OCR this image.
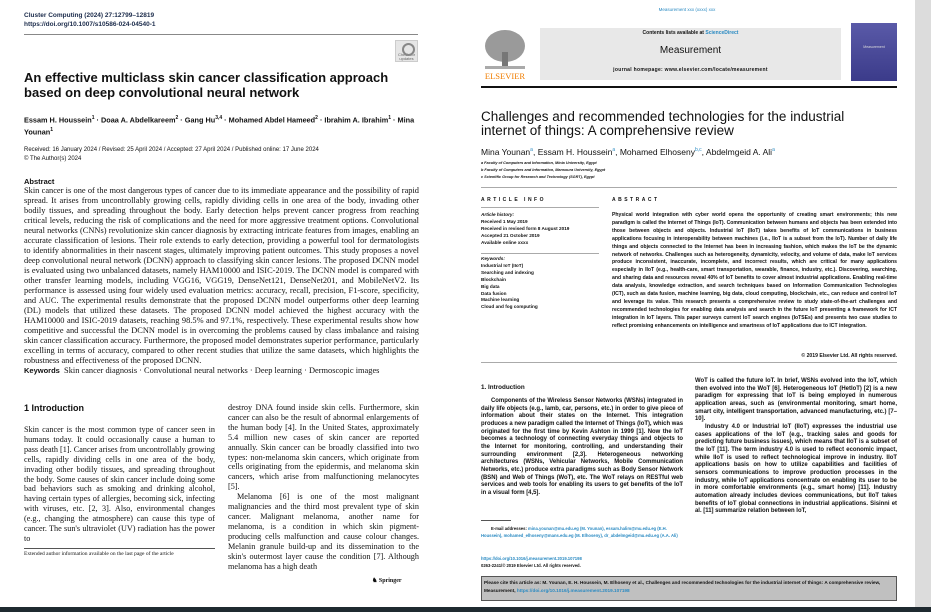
Cluster Computing (2024) 27:12799–12819
https://doi.org/10.1007/s10586-024-04540-1
Check for updates
An effective multiclass skin cancer classification approach based on deep convolutional neural network
Essam H. Houssein$^1$ · Doaa A. Abdelkareem$^2$ · Gang Hu$^{3,4}$ · Mohamed Abdel Hameed$^2$ · Ibrahim A. Ibrahim$^1$ · Mina Younan$^1$
Received: 16 January 2024 / Revised: 25 April 2024 / Accepted: 27 April 2024 / Published online: 17 June 2024
© The Author(s) 2024
Abstract
Skin cancer is one of the most dangerous types of cancer due to its immediate appearance and the possibility of rapid spread. It arises from uncontrollably growing cells, rapidly dividing cells in one area of the body, invading other bodily tissues, and spreading throughout the body. Early detection helps prevent cancer progress from reaching critical levels, reducing the risk of complications and the need for more aggressive treatment options. Convolutional neural networks (CNNs) revolutionize skin cancer diagnosis by extracting intricate features from images, enabling an accurate classification of lesions. Their role extends to early detection, providing a powerful tool for dermatologists to identify abnormalities in their nascent stages, ultimately improving patient outcomes. This study proposes a novel deep convolutional neural network (DCNN) approach to classifying skin cancer lesions. The proposed DCNN model is evaluated using two unbalanced datasets, namely HAM10000 and ISIC-2019. The DCNN model is compared with other transfer learning models, including VGG16, VGG19, DenseNet121, DenseNet201, and MobileNetV2. Its performance is assessed using four widely used evaluation metrics: accuracy, recall, precision, F1-score, specificity, and AUC. The experimental results demonstrate that the proposed DCNN model outperforms other deep learning (DL) models that utilized these datasets. The proposed DCNN model achieved the highest accuracy with the HAM10000 and ISIC-2019 datasets, reaching 98.5% and 97.1%, respectively. These experimental results show how competitive and successful the DCNN model is in overcoming the problems caused by class imbalance and raising skin cancer classification accuracy. Furthermore, the proposed model demonstrates superior performance, particularly excelling in terms of accuracy, compared to other recent studies that utilize the same datasets, which highlights the robustness and effectiveness of the proposed DCNN.
Keywords Skin cancer diagnosis · Convolutional neural networks · Deep learning · Dermoscopic images
1 Introduction
Skin cancer is the most common type of cancer seen in humans today. It could occasionally cause a human to pass death [1]. Cancer arises from uncontrollably growing cells, rapidly dividing cells in one area of the body, invading other bodily tissues, and spreading throughout the body. Some causes of skin cancer include doing some bad behaviors such as smoking and drinking alcohol, having certain types of allergies, becoming sick, infecting with viruses, etc. [2, 3]. Also, environmental changes (e.g., changing the atmosphere) can cause this type of cancer. The sun's ultraviolet (UV) radiation has the power to

destroy DNA found inside skin cells. Furthermore, skin cancer can also be the result of abnormal enlargements of the human body [4]. In the United States, approximately 5.4 million new cases of skin cancer are reported annually. Skin cancer can be broadly classified into two types: non-melanoma skin cancers, which originate from cells originating from the epidermis, and melanoma skin cancers, which arise from malfunctioning melanocytes [5].

Melanoma [6] is one of the most malignant malignancies and the third most prevalent type of skin cancer. Malignant melanoma, another name for melanoma, is a condition in which skin pigment-producing cells malfunction and cause colour changes. Melanin granule build-up and its dissemination to the skin's outermost layer cause the condition [7]. Although melanoma has a high death

Extended author information available on the last page of the article
♞ Springer
Measurement xxx (xxxx) xxx
ELSEVIER
Contents lists available at ScienceDirect
Measurement
journal homepage: www.elsevier.com/locate/measurement
Measurement
Challenges and recommended technologies for the industrial internet of things: A comprehensive review
Mina Younan$^a$, Essam H. Houssein$^a$, Mohamed Elhoseny$^{b,c}$, Abdelmgeid A. Ali$^a$
a Faculty of Computers and Information, Minia University, Egypt
b Faculty of Computers and Information, Mansoura University, Egypt
c Scientific Group for Research and Technology (SGRT), Egypt
ARTICLE INFO	ABSTRACT
Article history:
Received 1 May 2019
Received in revised form 8 August 2019
Accepted 21 October 2019
Available online xxxx
Keywords:
Industrial IoT (IIoT)
Searching and indexing
Blockchain
Big data
Data fusion
Machine learning
Cloud and fog computing
Physical world integration with cyber world opens the opportunity of creating smart environments; this new paradigm is called the Internet of Things (IoT). Communication between humans and objects has been extended into those between objects and objects. Industrial IoT (IIoT) takes benefits of IoT communications in business applications focusing in interoperability between machines (i.e., IIoT is a subset from the IoT). Number of daily life things and objects connected to the Internet has been in increasing fashion, which makes the IoT be the dynamic network of networks. Challenges such as heterogeneity, dynamicity, velocity, and volume of data, make IoT services produce inconsistent, inaccurate, incomplete, and incorrect results, which are critical for many applications especially in IIoT (e.g., health-care, smart transportation, wearable, finance, industry, etc.). Discovering, searching, and sharing data and resources reveal 40% of IoT benefits to cover almost industrial applications. Enabling real-time data analysis, knowledge extraction, and search techniques based on Information Communication Technologies (ICT), such as data fusion, machine learning, big data, cloud computing, blockchain, etc., can reduce and control IoT and leverage its value. This research presents a comprehensive review to study state-of-the-art challenges and recommended technologies for enabling data analysis and search in the future IoT presenting a framework for ICT integration in IoT layers. This paper surveys current IoT search engines (IoTSEs) and presents two case studies to reflect promising enhancements on intelligence and smartness of IoT applications due to ICT integration.
© 2019 Elsevier Ltd. All rights reserved.
1. Introduction
Components of the Wireless Sensor Networks (WSNs) integrated in daily life objects (e.g., lamb, car, persons, etc.) in order to give piece of information about their states on the Internet. This integration produces a new paradigm called the Internet of Things (IoT), which was originated for the first time by Kevin Ashton in 1999 [1]. Now the IoT becomes a technology of connecting everyday things and objects to the Internet for monitoring, controlling, and understanding their surrounding environment [2,3]. Heterogeneous networking architectures (WSNs, Vehicular Networks, Mobile Communication Networks, etc.) produce extra paradigms such as Body Sensor Network (BSN) and Web of Things (WoT), etc. The WoT relays on RESTful web services and web tools for enabling its users to get benefits of the IoT in a visual form [4,5].

WoT is called the future IoT. In brief, WSNs evolved into the IoT, which then evolved into the WoT [6]. Heterogeneous IoT (HetIoT) [2] is a new paradigm for expressing that IoT is being employed in numerous application areas, such as (environmental monitoring, smart home, smart city, intelligent transportation, advanced manufacturing, etc.) [7–10].

Industry 4.0 or Industrial IoT (IIoT) expresses the industrial use cases applications of the IoT (e.g., tracking sales and goods for predicting future business issues), which means that IIoT is a subset of the IoT [11]. The term industry 4.0 is used to reflect economic impact, while IIoT is used to reflect technological improve in industry. IIoT applications basis on how to utilize capabilities and facilities of sensors communications to improve production processes in the industry, while IoT applications concentrate on enabling its user to be in more comfortable environments (e.g., smart home) [11]. Industry automation already includes devices communications, but IIoT takes benefits of IoT global connections in industrial applications. Sisinni et al. [11] summarize relation between IoT,

E-mail addresses: mina.younan@mu.edu.eg (M. Younan), essam.halim@mu.edu.eg (E.H. Houssein), mohamed_elhoseny@mans.edu.eg (M. Elhoseny), dr_abdelmgeid@mu.edu.eg (A.A. Ali)
https://doi.org/10.1016/j.measurement.2019.107198
0263-2241/© 2019 Elsevier Ltd. All rights reserved.
Please cite this article as: M. Younan, E. H. Houssein, M. Elhoseny et al., Challenges and recommended technologies for the industrial internet of things: A comprehensive review, Measurement, https://doi.org/10.1016/j.measurement.2019.107198
